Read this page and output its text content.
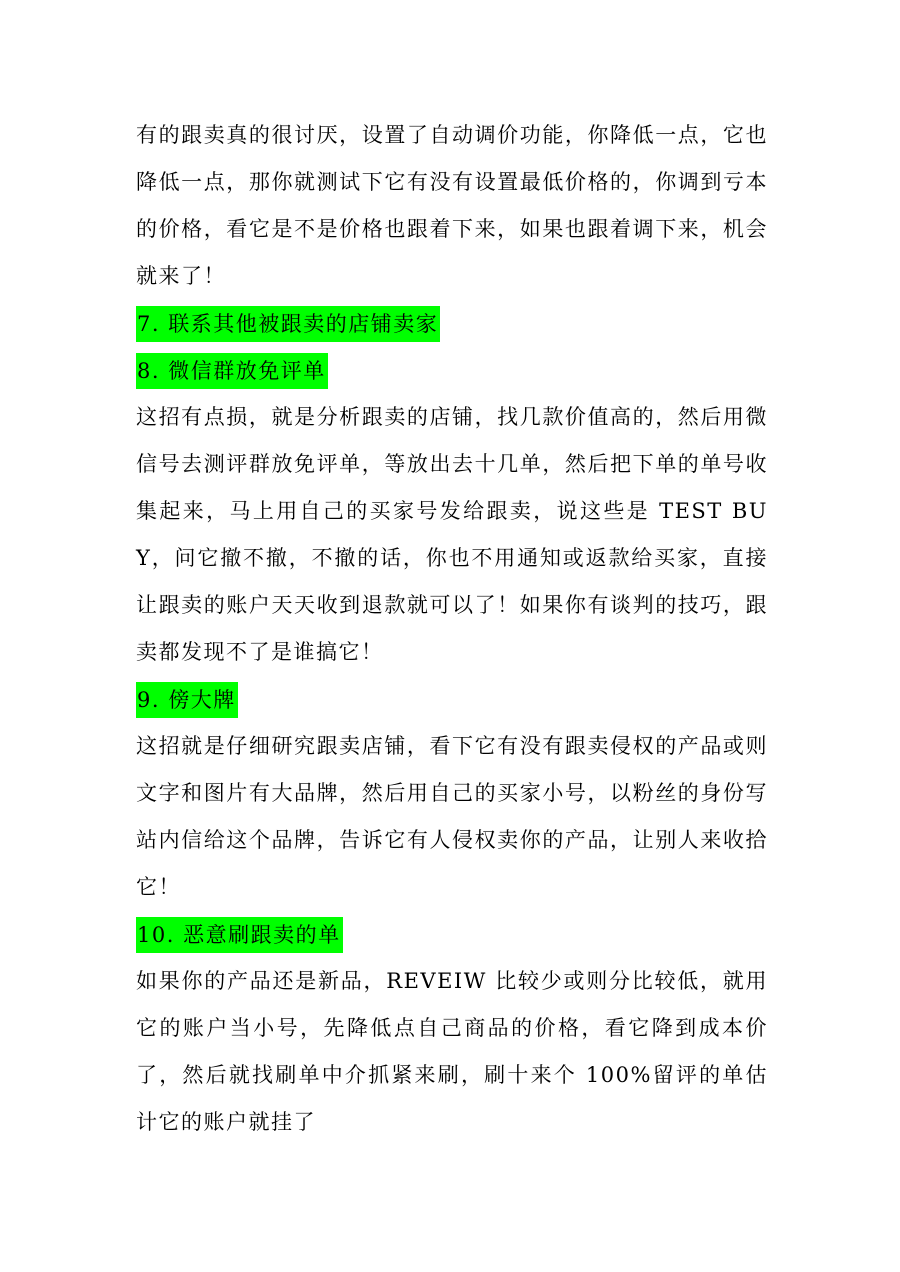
有的跟卖真的很讨厌，设置了自动调价功能，你降低一点，它也降低一点，那你就测试下它有没有设置最低价格的，你调到亏本的价格，看它是不是价格也跟着下来，如果也跟着调下来，机会就来了！

7. 联系其他被跟卖的店铺卖家
8. 微信群放免评单

这招有点损，就是分析跟卖的店铺，找几款价值高的，然后用微信号去测评群放免评单，等放出去十几单，然后把下单的单号收集起来，马上用自己的买家号发给跟卖，说这些是 TEST BUY，问它撤不撤，不撤的话，你也不用通知或返款给买家，直接让跟卖的账户天天收到退款就可以了！如果你有谈判的技巧，跟卖都发现不了是谁搞它！

9. 傍大牌

这招就是仔细研究跟卖店铺，看下它有没有跟卖侵权的产品或则文字和图片有大品牌，然后用自己的买家小号，以粉丝的身份写站内信给这个品牌，告诉它有人侵权卖你的产品，让别人来收拾它！

10. 恶意刷跟卖的单

如果你的产品还是新品，REVEIW 比较少或则分比较低，就用它的账户当小号，先降低点自己商品的价格，看它降到成本价了，然后就找刷单中介抓紧来刷，刷十来个 100%留评的单估计它的账户就挂了
